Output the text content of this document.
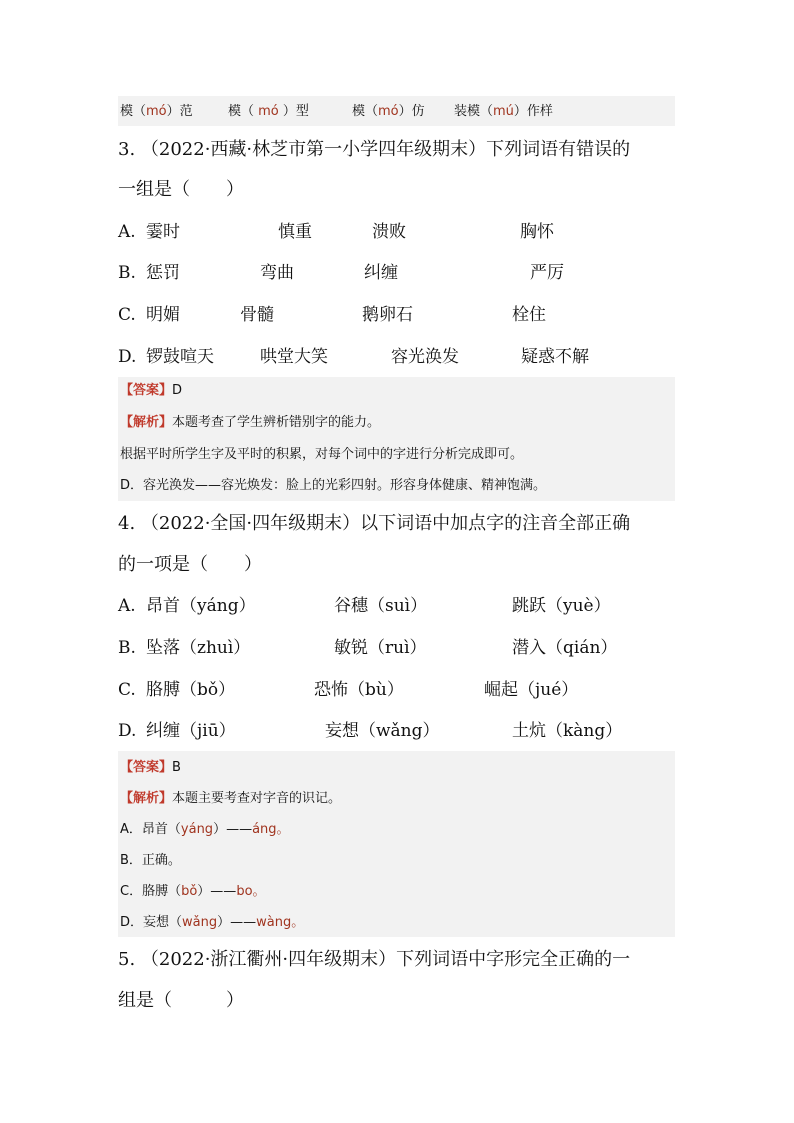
模（mó）范	模（ mó ）型	模（mó）仿 装模（mú）作样
3. （2022·西藏·林芝市第一小学四年级期末）下列词语有错误的
一组是（　　）
A. 霎时	慎重	溃败	胸怀
B. 惩罚	弯曲	纠缠	严厉
C. 明媚	骨髓	鹅卵石	栓住
D. 锣鼓喧天	哄堂大笑	容光涣发	疑惑不解
【答案】D
【解析】本题考查了学生辨析错别字的能力。
根据平时所学生字及平时的积累，对每个词中的字进行分析完成即可。
D．容光涣发——容光焕发：脸上的光彩四射。形容身体健康、精神饱满。
4. （2022·全国·四年级期末）以下词语中加点字的注音全部正确
的一项是（　　）
A. 昂首（yáng）	谷穗（suì）	跳跃（yuè）
B. 坠落（zhuì）	敏锐（ruì）	潜入（qián）
C. 胳膊（bǒ）	恐怖（bù）	崛起（jué）
D. 纠缠（jiū）	妄想（wǎng）	土炕（kàng）
【答案】B
【解析】本题主要考查对字音的识记。
A．昂首（yáng）——áng。
B．正确。
C．胳膊（bǒ）——bo。
D．妄想（wǎng）——wàng。
5. （2022·浙江衢州·四年级期末）下列词语中字形完全正确的一
组是（　　　）
